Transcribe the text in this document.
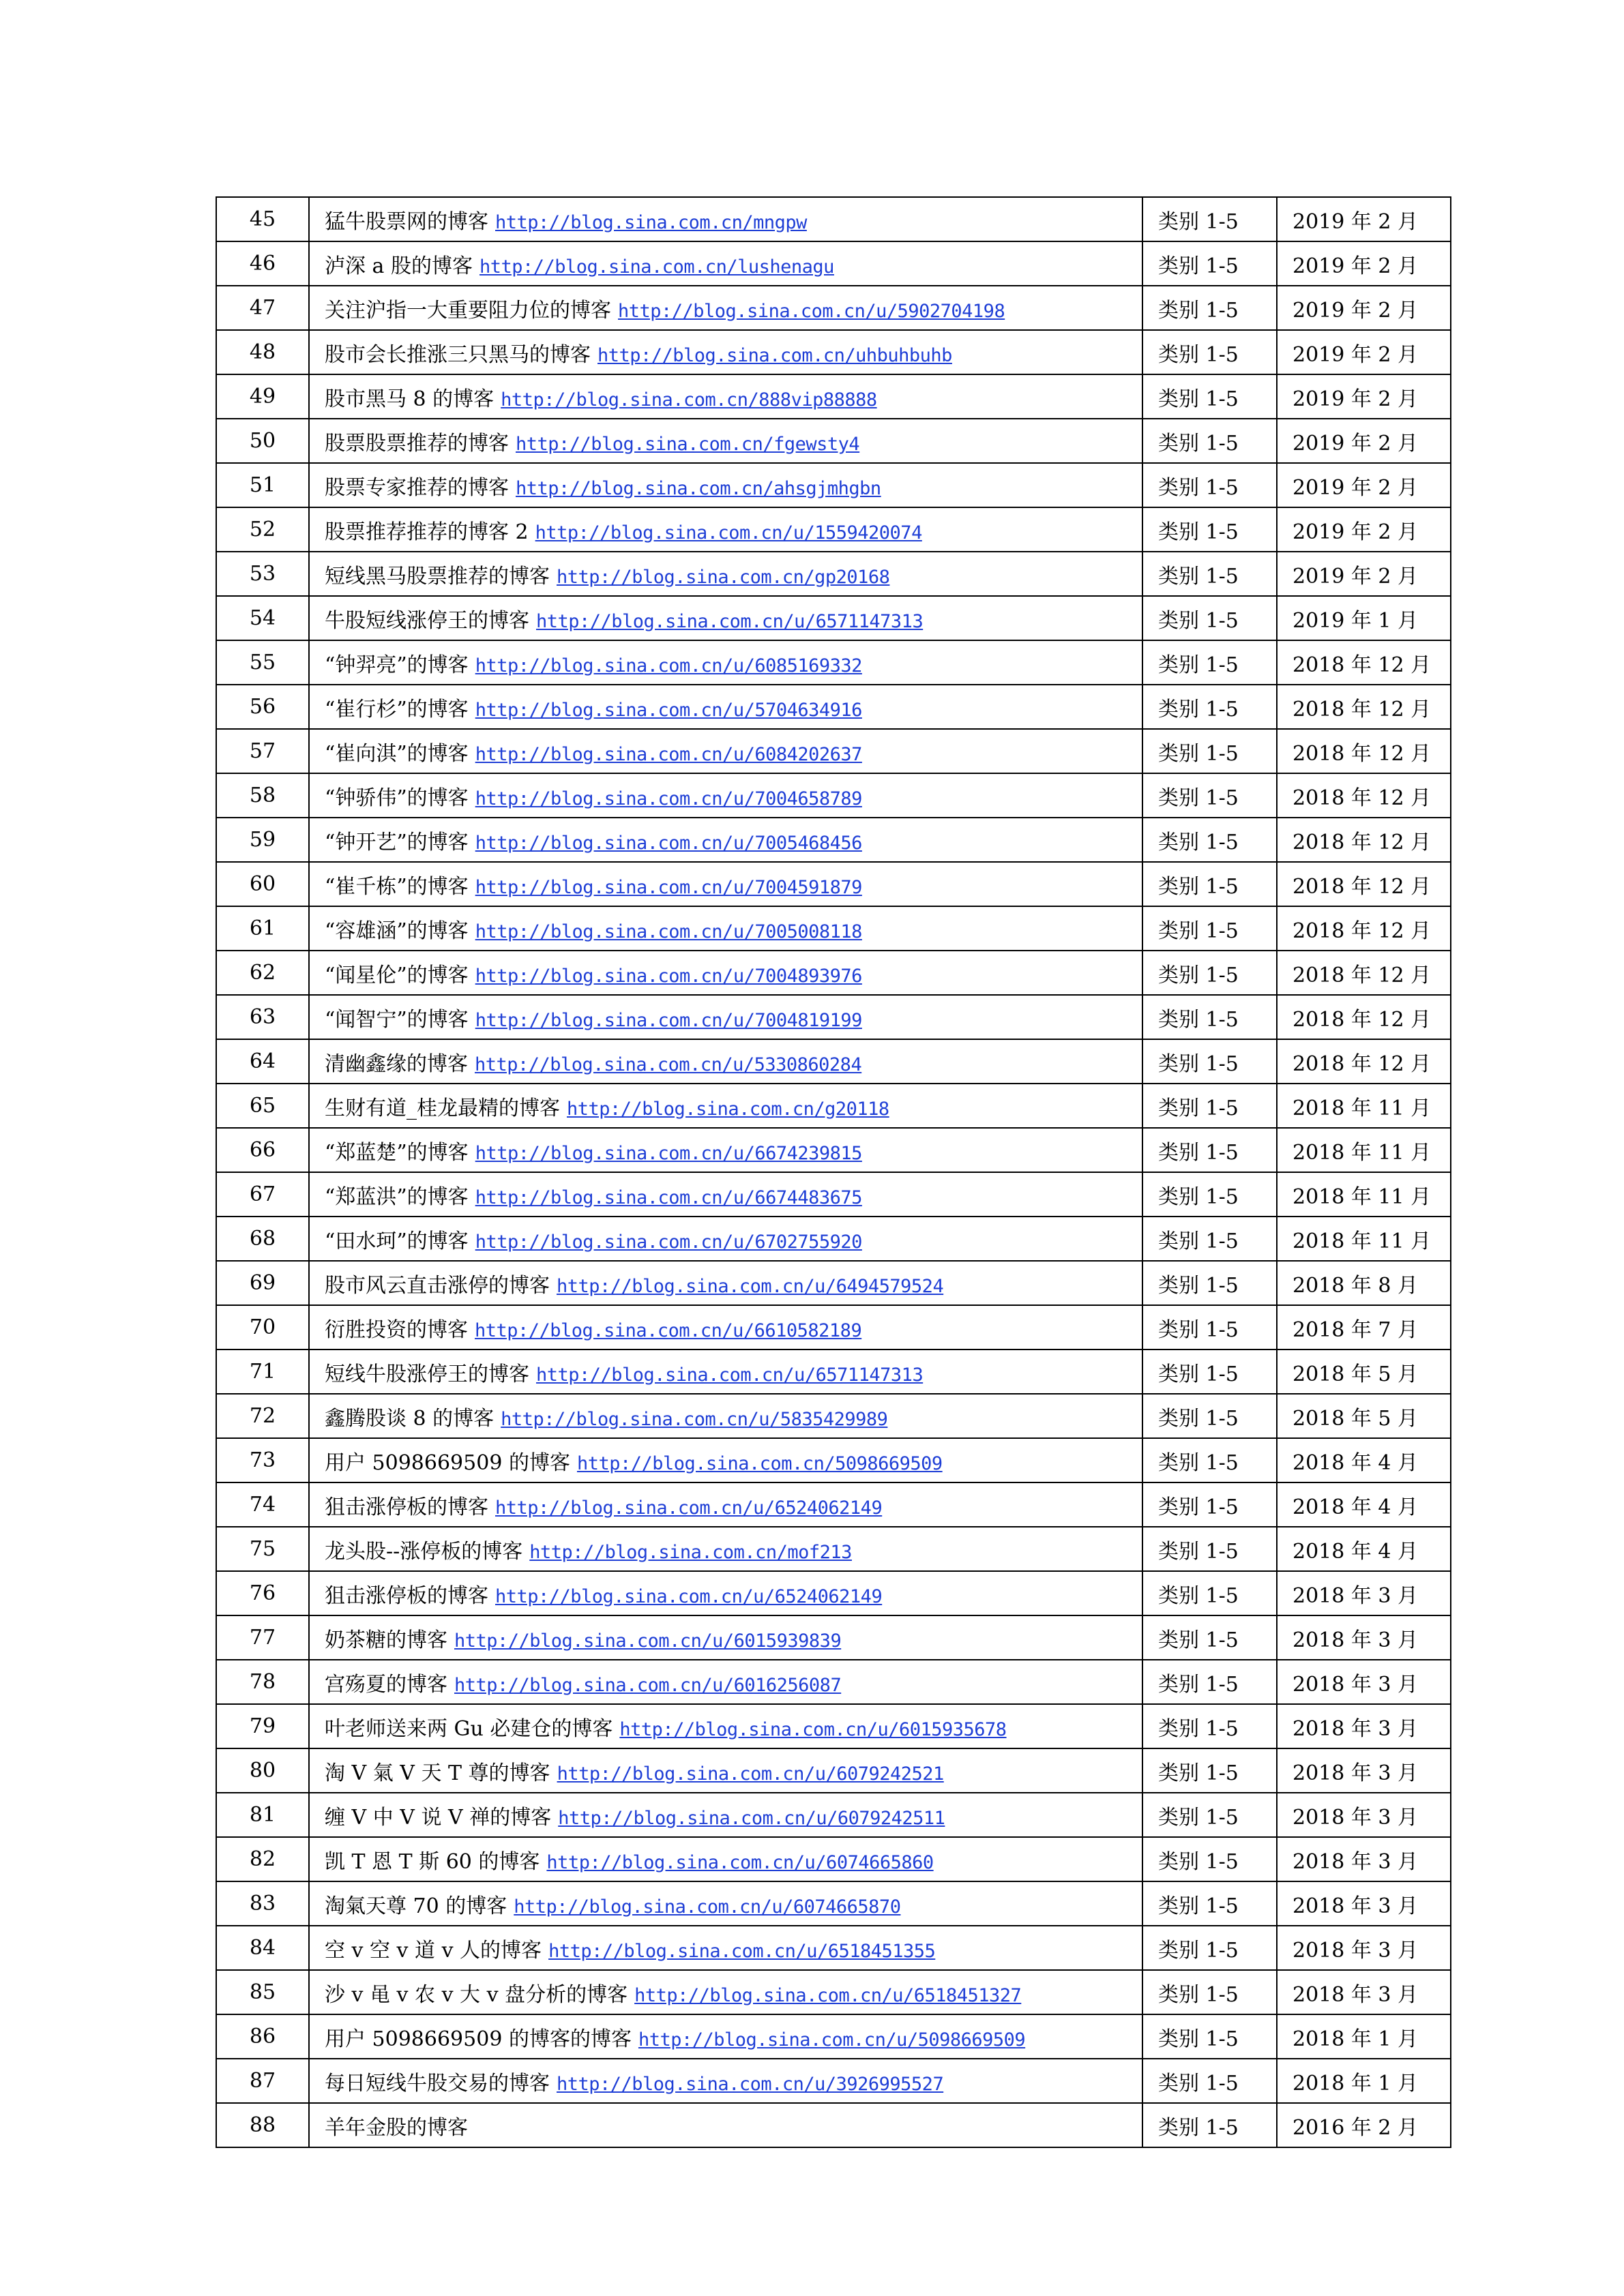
45	猛牛股票网的博客 http://blog.sina.com.cn/mngpw	类别 1-5	2019 年 2 月
46	泸深 a 股的博客 http://blog.sina.com.cn/lushenagu	类别 1-5	2019 年 2 月
47	关注沪指一大重要阻力位的博客 http://blog.sina.com.cn/u/5902704198	类别 1-5	2019 年 2 月
48	股市会长推涨三只黑马的博客 http://blog.sina.com.cn/uhbuhbuhb	类别 1-5	2019 年 2 月
49	股市黑马 8 的博客 http://blog.sina.com.cn/888vip88888	类别 1-5	2019 年 2 月
50	股票股票推荐的博客 http://blog.sina.com.cn/fgewsty4	类别 1-5	2019 年 2 月
51	股票专家推荐的博客 http://blog.sina.com.cn/ahsgjmhgbn	类别 1-5	2019 年 2 月
52	股票推荐推荐的博客 2 http://blog.sina.com.cn/u/1559420074	类别 1-5	2019 年 2 月
53	短线黑马股票推荐的博客 http://blog.sina.com.cn/gp20168	类别 1-5	2019 年 2 月
54	牛股短线涨停王的博客 http://blog.sina.com.cn/u/6571147313	类别 1-5	2019 年 1 月
55	“钟羿亮”的博客 http://blog.sina.com.cn/u/6085169332	类别 1-5	2018 年 12 月
56	“崔行杉”的博客 http://blog.sina.com.cn/u/5704634916	类别 1-5	2018 年 12 月
57	“崔向淇”的博客 http://blog.sina.com.cn/u/6084202637	类别 1-5	2018 年 12 月
58	“钟骄伟”的博客 http://blog.sina.com.cn/u/7004658789	类别 1-5	2018 年 12 月
59	“钟开艺”的博客 http://blog.sina.com.cn/u/7005468456	类别 1-5	2018 年 12 月
60	“崔千栋”的博客 http://blog.sina.com.cn/u/7004591879	类别 1-5	2018 年 12 月
61	“容雄涵”的博客 http://blog.sina.com.cn/u/7005008118	类别 1-5	2018 年 12 月
62	“闻星伦”的博客 http://blog.sina.com.cn/u/7004893976	类别 1-5	2018 年 12 月
63	“闻智宁”的博客 http://blog.sina.com.cn/u/7004819199	类别 1-5	2018 年 12 月
64	清幽鑫缘的博客 http://blog.sina.com.cn/u/5330860284	类别 1-5	2018 年 12 月
65	生财有道_桂龙最精的博客 http://blog.sina.com.cn/g20118	类别 1-5	2018 年 11 月
66	“郑蓝楚”的博客 http://blog.sina.com.cn/u/6674239815	类别 1-5	2018 年 11 月
67	“郑蓝洪”的博客 http://blog.sina.com.cn/u/6674483675	类别 1-5	2018 年 11 月
68	“田水珂”的博客 http://blog.sina.com.cn/u/6702755920	类别 1-5	2018 年 11 月
69	股市风云直击涨停的博客 http://blog.sina.com.cn/u/6494579524	类别 1-5	2018 年 8 月
70	衍胜投资的博客 http://blog.sina.com.cn/u/6610582189	类别 1-5	2018 年 7 月
71	短线牛股涨停王的博客 http://blog.sina.com.cn/u/6571147313	类别 1-5	2018 年 5 月
72	鑫腾股谈 8 的博客 http://blog.sina.com.cn/u/5835429989	类别 1-5	2018 年 5 月
73	用户 5098669509 的博客 http://blog.sina.com.cn/5098669509	类别 1-5	2018 年 4 月
74	狙击涨停板的博客 http://blog.sina.com.cn/u/6524062149	类别 1-5	2018 年 4 月
75	龙头股--涨停板的博客 http://blog.sina.com.cn/mof213	类别 1-5	2018 年 4 月
76	狙击涨停板的博客 http://blog.sina.com.cn/u/6524062149	类别 1-5	2018 年 3 月
77	奶茶糖的博客 http://blog.sina.com.cn/u/6015939839	类别 1-5	2018 年 3 月
78	宫殇夏的博客 http://blog.sina.com.cn/u/6016256087	类别 1-5	2018 年 3 月
79	叶老师送来两 Gu 必建仓的博客 http://blog.sina.com.cn/u/6015935678	类别 1-5	2018 年 3 月
80	淘 V 氣 V 天 T 尊的博客 http://blog.sina.com.cn/u/6079242521	类别 1-5	2018 年 3 月
81	缠 V 中 V 说 V 禅的博客 http://blog.sina.com.cn/u/6079242511	类别 1-5	2018 年 3 月
82	凯 T 恩 T 斯 60 的博客 http://blog.sina.com.cn/u/6074665860	类别 1-5	2018 年 3 月
83	淘氣天尊 70 的博客 http://blog.sina.com.cn/u/6074665870	类别 1-5	2018 年 3 月
84	空 v 空 v 道 v 人的博客 http://blog.sina.com.cn/u/6518451355	类别 1-5	2018 年 3 月
85	沙 v 黾 v 农 v 大 v 盘分析的博客 http://blog.sina.com.cn/u/6518451327	类别 1-5	2018 年 3 月
86	用户 5098669509 的博客的博客 http://blog.sina.com.cn/u/5098669509	类别 1-5	2018 年 1 月
87	每日短线牛股交易的博客 http://blog.sina.com.cn/u/3926995527	类别 1-5	2018 年 1 月
88	羊年金股的博客	类别 1-5	2016 年 2 月
